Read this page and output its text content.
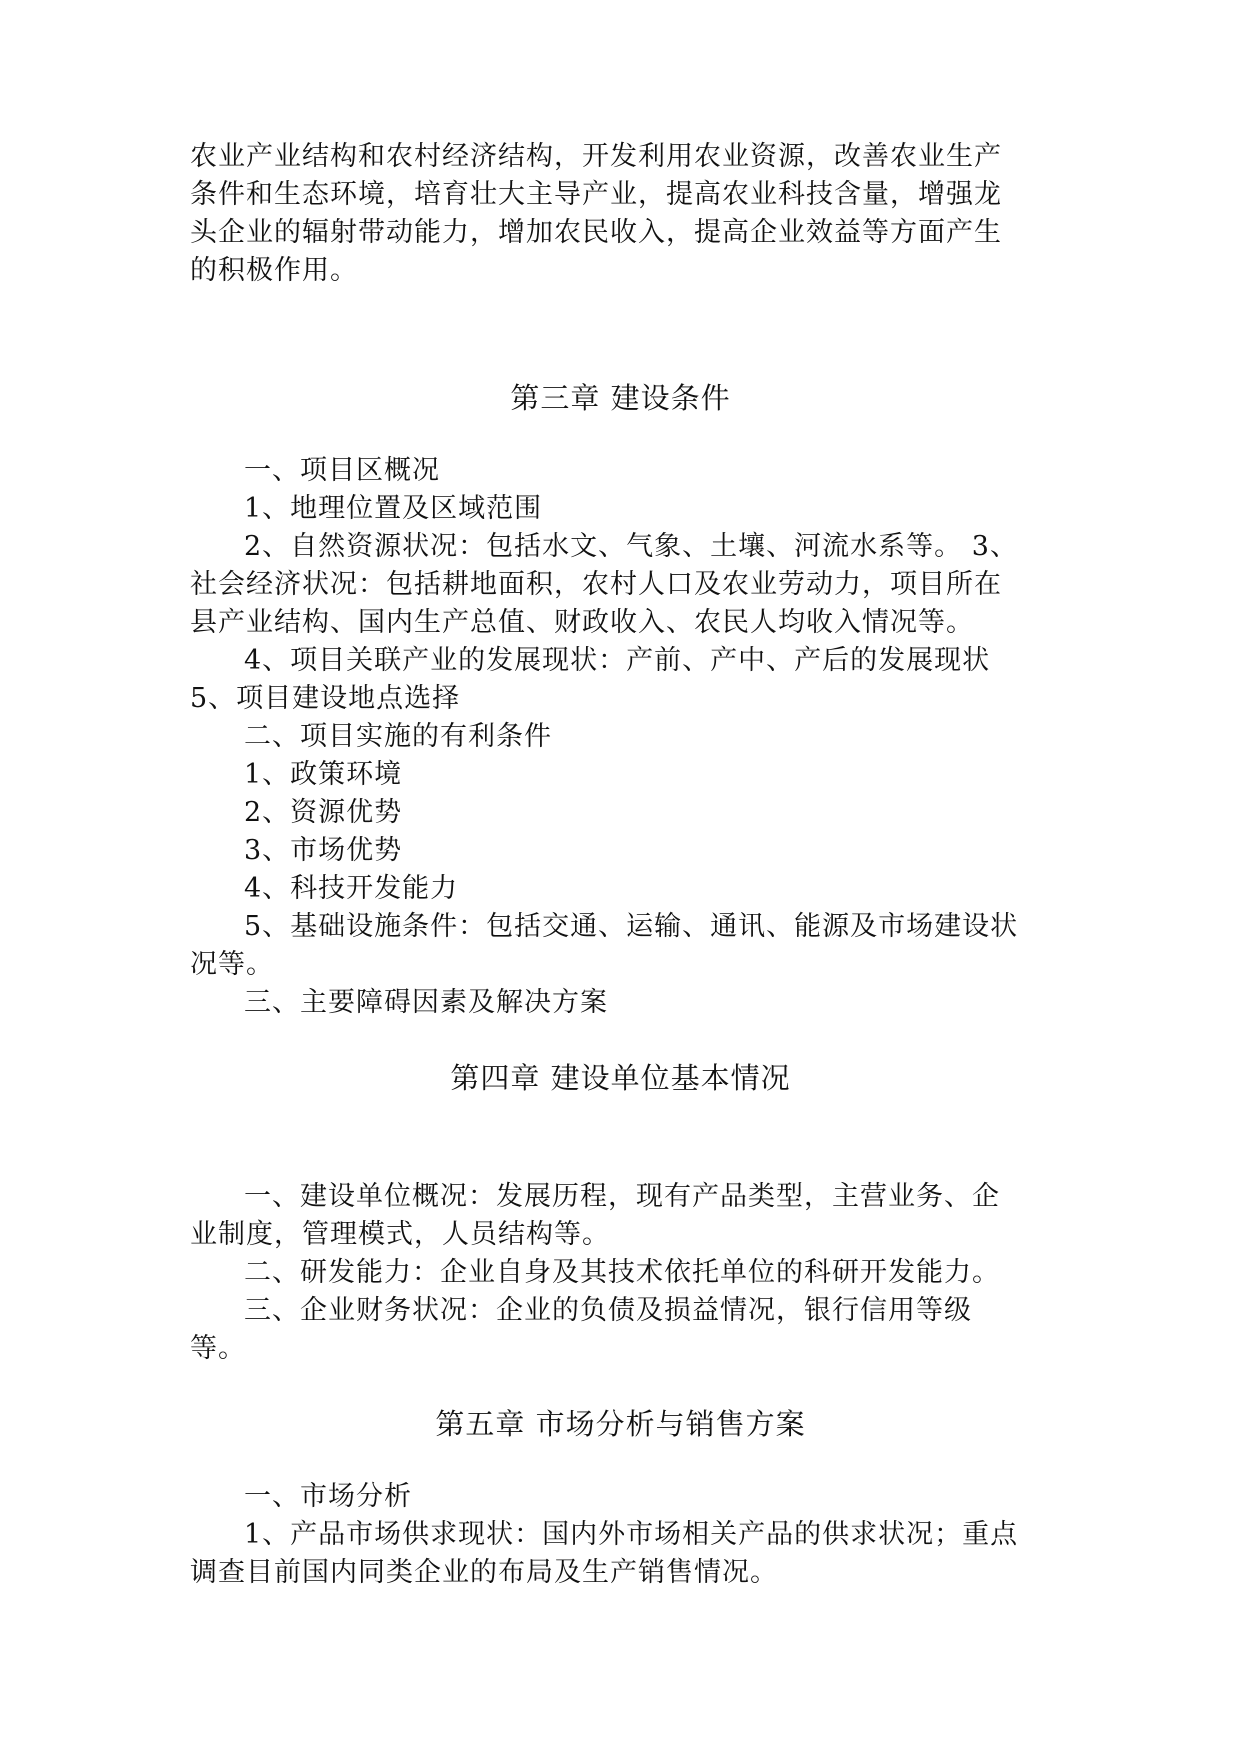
农业产业结构和农村经济结构，开发利用农业资源，改善农业生产
条件和生态环境，培育壮大主导产业，提高农业科技含量，增强龙
头企业的辐射带动能力，增加农民收入，提高企业效益等方面产生
的积极作用。
第三章 建设条件
一、项目区概况
1、地理位置及区域范围
2、自然资源状况：包括水文、气象、土壤、河流水系等。 3、
社会经济状况：包括耕地面积，农村人口及农业劳动力，项目所在
县产业结构、国内生产总值、财政收入、农民人均收入情况等。
4、项目关联产业的发展现状：产前、产中、产后的发展现状
5、项目建设地点选择
二、项目实施的有利条件
1、政策环境
2、资源优势
3、市场优势
4、科技开发能力
5、基础设施条件：包括交通、运输、通讯、能源及市场建设状
况等。
三、主要障碍因素及解决方案
第四章 建设单位基本情况
一、建设单位概况：发展历程，现有产品类型，主营业务、企
业制度，管理模式，人员结构等。
二、研发能力：企业自身及其技术依托单位的科研开发能力。
三、企业财务状况：企业的负债及损益情况，银行信用等级
等。
第五章 市场分析与销售方案
一、市场分析
1、产品市场供求现状：国内外市场相关产品的供求状况；重点
调查目前国内同类企业的布局及生产销售情况。
